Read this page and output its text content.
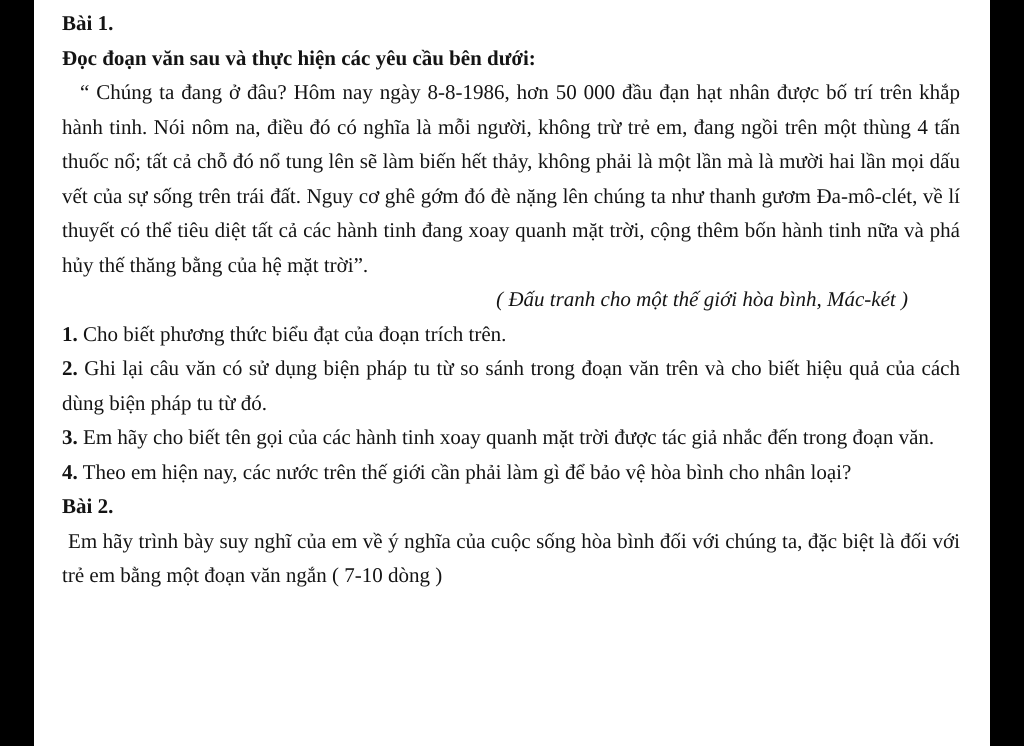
Bài 1.

Đọc đoạn văn sau và thực hiện các yêu cầu bên dưới:

“ Chúng ta đang ở đâu? Hôm nay ngày 8-8-1986, hơn 50 000 đầu đạn hạt nhân được bố trí trên khắp hành tinh. Nói nôm na, điều đó có nghĩa là mỗi người, không trừ trẻ em, đang ngồi trên một thùng 4 tấn thuốc nổ; tất cả chỗ đó nổ tung lên sẽ làm biến hết thảy, không phải là một lần mà là mười hai lần mọi dấu vết của sự sống trên trái đất. Nguy cơ ghê gớm đó đè nặng lên chúng ta như thanh gươm Đa-mô-clét, về lí thuyết có thể tiêu diệt tất cả các hành tinh đang xoay quanh mặt trời, cộng thêm bốn hành tinh nữa và phá hủy thế thăng bằng của hệ mặt trời”.

( Đấu tranh cho một thế giới hòa bình, Mác-két )

1. Cho biết phương thức biểu đạt của đoạn trích trên.

2. Ghi lại câu văn có sử dụng biện pháp tu từ so sánh trong đoạn văn trên và cho biết hiệu quả của cách dùng biện pháp tu từ đó.

3. Em hãy cho biết tên gọi của các hành tinh xoay quanh mặt trời được tác giả nhắc đến trong đoạn văn.

4. Theo em hiện nay, các nước trên thế giới cần phải làm gì để bảo vệ hòa bình cho nhân loại?

Bài 2.

Em hãy trình bày suy nghĩ của em về ý nghĩa của cuộc sống hòa bình đối với chúng ta, đặc biệt là đối với trẻ em bằng một đoạn văn ngắn ( 7-10 dòng )
